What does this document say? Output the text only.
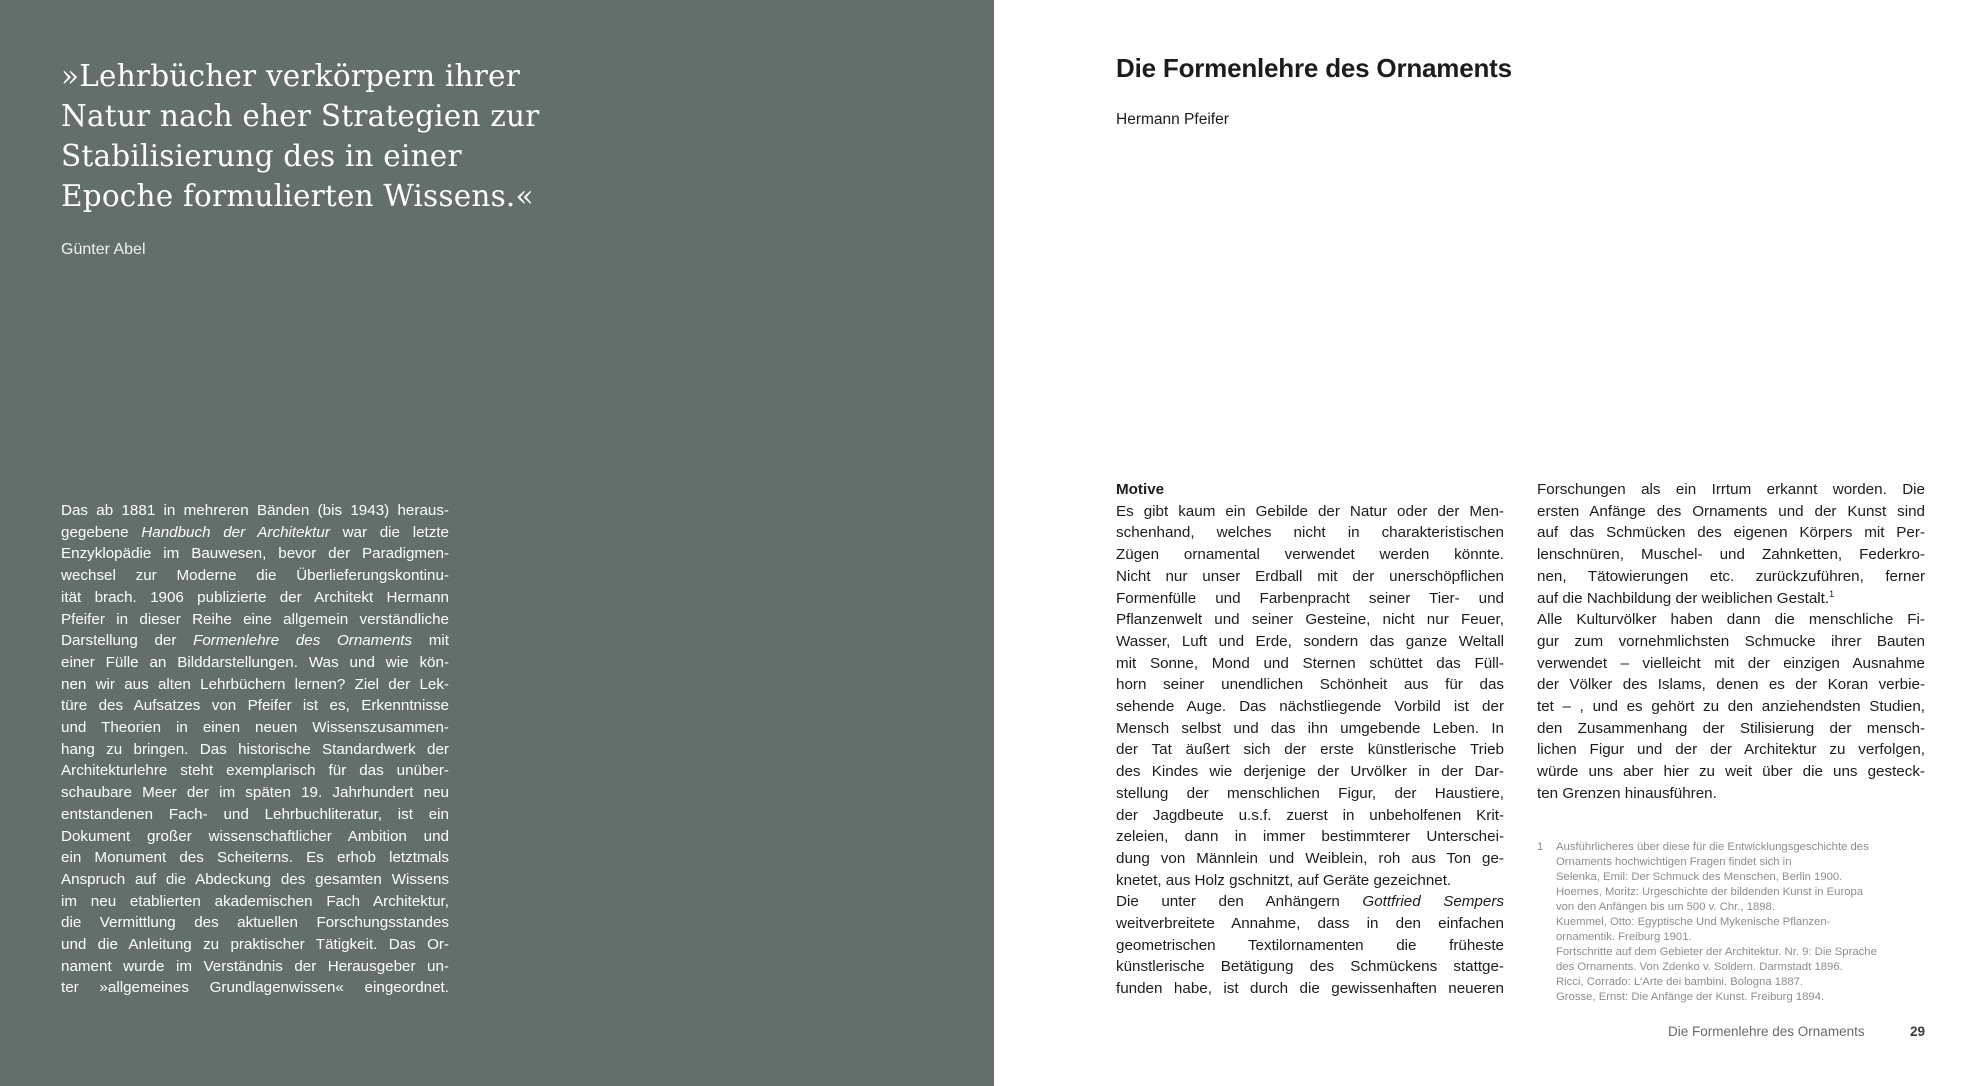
»Lehrbücher verkörpern ihrer
Natur nach eher Strategien zur
Stabilisierung des in einer
Epoche formulierten Wissens.«
Günter Abel
Das ab 1881 in mehreren Bänden (bis 1943) heraus-
gegebene Handbuch der Architektur war die letzte
Enzyklopädie im Bauwesen, bevor der Paradigmen-
wechsel zur Moderne die Überlieferungskontinu-
ität brach. 1906 publizierte der Architekt Hermann
Pfeifer in dieser Reihe eine allgemein verständliche
Darstellung der Formenlehre des Ornaments mit
einer Fülle an Bilddarstellungen. Was und wie kön-
nen wir aus alten Lehrbüchern lernen? Ziel der Lek-
türe des Aufsatzes von Pfeifer ist es, Erkenntnisse
und Theorien in einen neuen Wissenszusammen-
hang zu bringen. Das historische Standardwerk der
Architekturlehre steht exemplarisch für das unüber-
schaubare Meer der im späten 19. Jahrhundert neu
entstandenen Fach- und Lehrbuchliteratur, ist ein
Dokument großer wissenschaftlicher Ambition und
ein Monument des Scheiterns. Es erhob letztmals
Anspruch auf die Abdeckung des gesamten Wissens
im neu etablierten akademischen Fach Architektur,
die Vermittlung des aktuellen Forschungsstandes
und die Anleitung zu praktischer Tätigkeit. Das Or-
nament wurde im Verständnis der Herausgeber un-
ter »allgemeines Grundlagenwissen« eingeordnet.
Die Formenlehre des Ornaments
Hermann Pfeifer
Motive
Es gibt kaum ein Gebilde der Natur oder der Men-
schenhand, welches nicht in charakteristischen
Zügen ornamental verwendet werden könnte.
Nicht nur unser Erdball mit der unerschöpflichen
Formenfülle und Farbenpracht seiner Tier- und
Pflanzenwelt und seiner Gesteine, nicht nur Feuer,
Wasser, Luft und Erde, sondern das ganze Weltall
mit Sonne, Mond und Sternen schüttet das Füll-
horn seiner unendlichen Schönheit aus für das
sehende Auge. Das nächstliegende Vorbild ist der
Mensch selbst und das ihn umgebende Leben. In
der Tat äußert sich der erste künstlerische Trieb
des Kindes wie derjenige der Urvölker in der Dar-
stellung der menschlichen Figur, der Haustiere,
der Jagdbeute u.s.f. zuerst in unbeholfenen Krit-
zeleien, dann in immer bestimmterer Unterschei-
dung von Männlein und Weiblein, roh aus Ton ge-
knetet, aus Holz gschnitzt, auf Geräte gezeichnet.
Die unter den Anhängern Gottfried Sempers
weitverbreitete Annahme, dass in den einfachen
geometrischen Textilornamenten die früheste
künstlerische Betätigung des Schmückens stattge-
funden habe, ist durch die gewissenhaften neueren
Forschungen als ein Irrtum erkannt worden. Die
ersten Anfänge des Ornaments und der Kunst sind
auf das Schmücken des eigenen Körpers mit Per-
lenschnüren, Muschel- und Zahnketten, Federkro-
nen, Tätowierungen etc. zurückzuführen, ferner
auf die Nachbildung der weiblichen Gestalt.$^1$
Alle Kulturvölker haben dann die menschliche Fi-
gur zum vornehmlichsten Schmucke ihrer Bauten
verwendet – vielleicht mit der einzigen Ausnahme
der Völker des Islams, denen es der Koran verbie-
tet – , und es gehört zu den anziehendsten Studien,
den Zusammenhang der Stilisierung der mensch-
lichen Figur und der der Architektur zu verfolgen,
würde uns aber hier zu weit über die uns gesteck-
ten Grenzen hinausführen.
1 Ausführlicheres über diese für die Entwicklungsgeschichte des
Ornaments hochwichtigen Fragen findet sich in
Selenka, Emil: Der Schmuck des Menschen, Berlin 1900.
Hoernes, Moritz: Urgeschichte der bildenden Kunst in Europa
von den Anfängen bis um 500 v. Chr., 1898.
Kuemmel, Otto: Egyptische Und Mykenische Pflanzen-
ornamentik. Freiburg 1901.
Fortschritte auf dem Gebieter der Architektur. Nr. 9: Die Sprache
des Ornaments. Von Zdenko v. Soldern. Darmstadt 1896.
Ricci, Corrado: L'Arte dei bambini. Bologna 1887.
Grosse, Ernst: Die Anfänge der Kunst. Freiburg 1894.
Die Formenlehre des Ornaments	29
